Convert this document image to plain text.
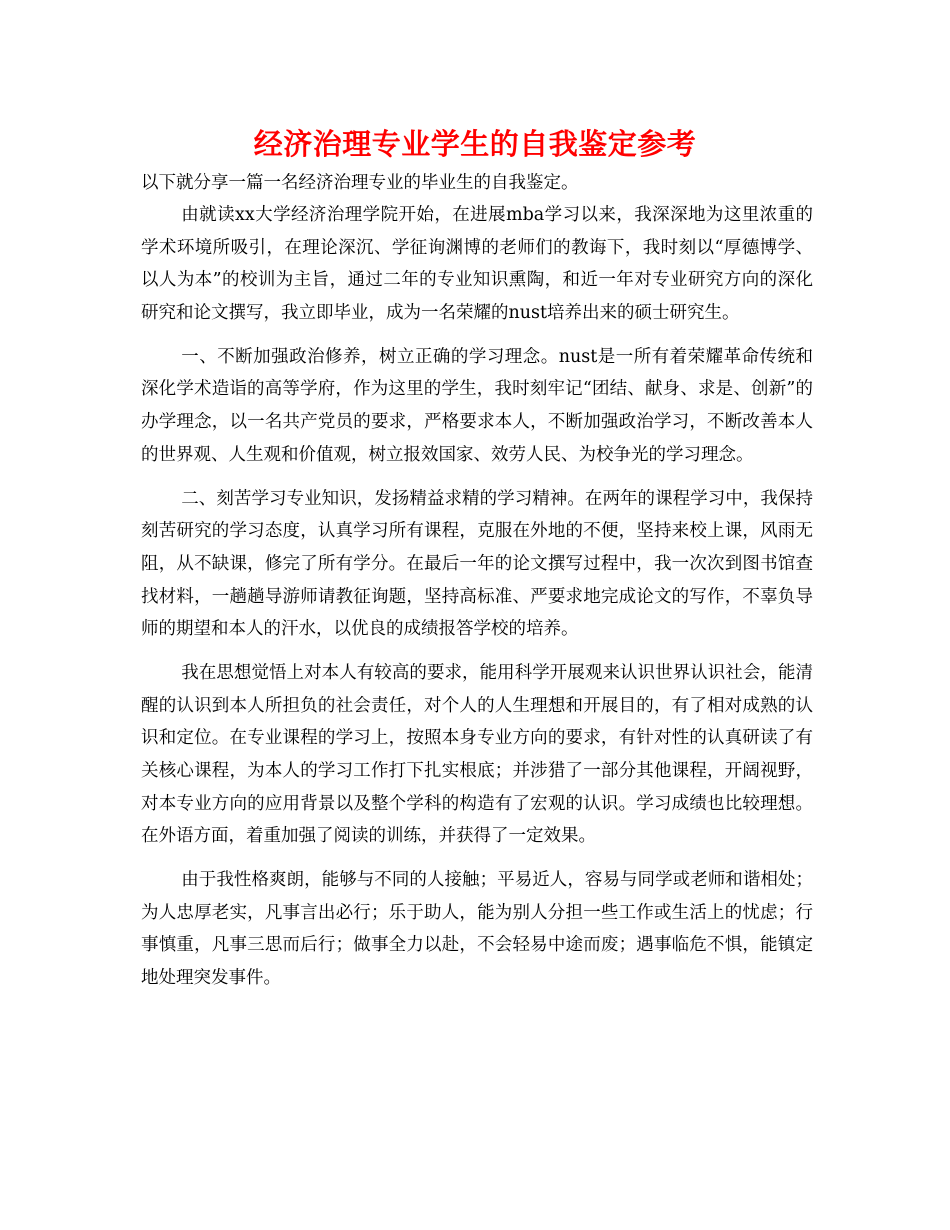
经济治理专业学生的自我鉴定参考

以下就分享一篇一名经济治理专业的毕业生的自我鉴定。

由就读xx大学经济治理学院开始，在进展mba学习以来，我深深地为这里浓重的学术环境所吸引，在理论深沉、学征询渊博的老师们的教诲下，我时刻以“厚德博学、以人为本”的校训为主旨，通过二年的专业知识熏陶，和近一年对专业研究方向的深化研究和论文撰写，我立即毕业，成为一名荣耀的nust培养出来的硕士研究生。

一、不断加强政治修养，树立正确的学习理念。nust是一所有着荣耀革命传统和深化学术造诣的高等学府，作为这里的学生，我时刻牢记“团结、献身、求是、创新”的办学理念，以一名共产党员的要求，严格要求本人，不断加强政治学习，不断改善本人的世界观、人生观和价值观，树立报效国家、效劳人民、为校争光的学习理念。

二、刻苦学习专业知识，发扬精益求精的学习精神。在两年的课程学习中，我保持刻苦研究的学习态度，认真学习所有课程，克服在外地的不便，坚持来校上课，风雨无阻，从不缺课，修完了所有学分。在最后一年的论文撰写过程中，我一次次到图书馆查找材料，一趟趟导游师请教征询题，坚持高标准、严要求地完成论文的写作，不辜负导师的期望和本人的汗水，以优良的成绩报答学校的培养。

我在思想觉悟上对本人有较高的要求，能用科学开展观来认识世界认识社会，能清醒的认识到本人所担负的社会责任，对个人的人生理想和开展目的，有了相对成熟的认识和定位。在专业课程的学习上，按照本身专业方向的要求，有针对性的认真研读了有关核心课程，为本人的学习工作打下扎实根底；并涉猎了一部分其他课程，开阔视野，对本专业方向的应用背景以及整个学科的构造有了宏观的认识。学习成绩也比较理想。在外语方面，着重加强了阅读的训练，并获得了一定效果。

由于我性格爽朗，能够与不同的人接触；平易近人，容易与同学或老师和谐相处；为人忠厚老实，凡事言出必行；乐于助人，能为别人分担一些工作或生活上的忧虑；行事慎重，凡事三思而后行；做事全力以赴，不会轻易中途而废；遇事临危不惧，能镇定地处理突发事件。
